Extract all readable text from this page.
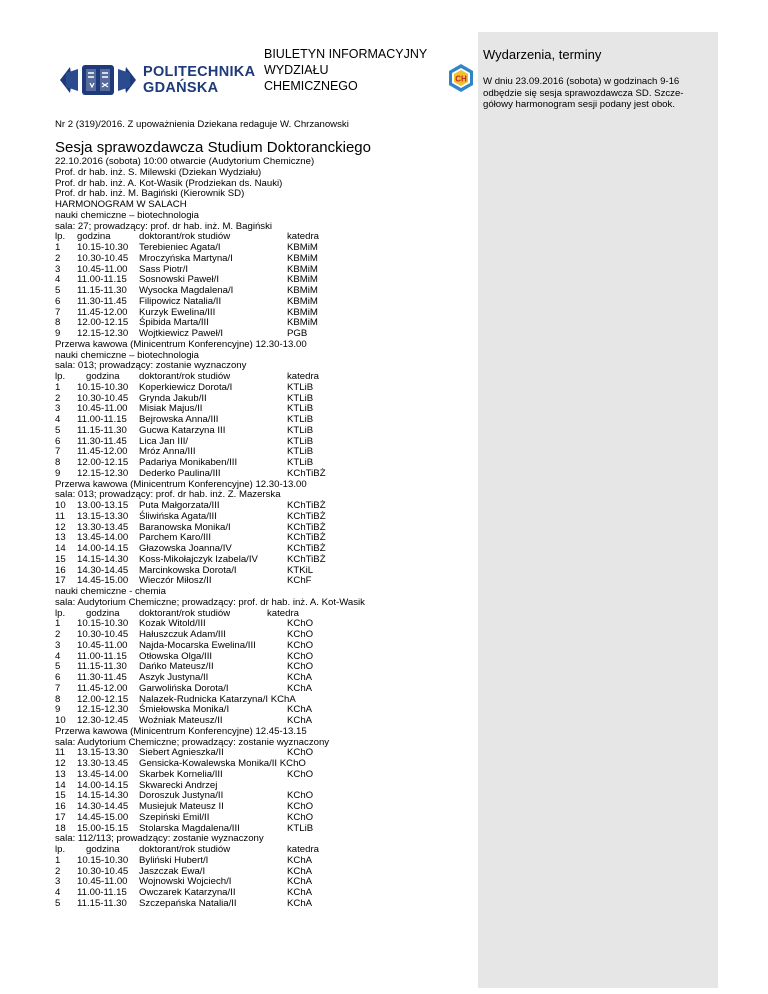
POLITECHNIKA
GDAŃSKA
BIULETYN INFORMACYJNY
WYDZIAŁU
CHEMICZNEGO	CH
Wydarzenia, terminy
W dniu 23.09.2016 (sobota) w godzinach 9-16
odbędzie się sesja sprawozdawcza SD. Szcze-
gółowy harmonogram sesji podany jest obok.
Nr 2 (319)/2016. Z upoważnienia Dziekana redaguje W. Chrzanowski
Sesja sprawozdawcza Studium Doktoranckiego
22.10.2016 (sobota) 10:00 otwarcie (Audytorium Chemiczne)
Prof. dr hab. inż. S. Milewski (Dziekan Wydziału)
Prof. dr hab. inż. A. Kot-Wasik (Prodziekan ds. Nauki)
Prof. dr hab. inż. M. Bagiński (Kierownik SD)
HARMONOGRAM W SALACH
nauki chemiczne – biotechnologia
sala: 27; prowadzący: prof. dr hab. inż. M. Bagiński
lp. godzina	doktorant/rok studiów	katedra
1 10.15-10.30 Terebieniec Agata/I	KBMiM
2 10.30-10.45 Mroczyńska Martyna/I	KBMiM
3 10.45-11.00 Sass Piotr/I	KBMiM
4 11.00-11.15 Sosnowski Paweł/I	KBMiM
5 11.15-11.30 Wysocka Magdalena/I	KBMiM
6 11.30-11.45 Filipowicz Natalia/II	KBMiM
7 11.45-12.00 Kurzyk Ewelina/III	KBMiM
8 12.00-12.15 Śpibida Marta/III	KBMiM
9 12.15-12.30 Wojtkiewicz Paweł/I	PGB
Przerwa kawowa (Minicentrum Konferencyjne) 12.30-13.00
nauki chemiczne – biotechnologia
sala: 013; prowadzący: zostanie wyznaczony
lp. godzina doktorant/rok studiów	katedra
1 10.15-10.30 Koperkiewicz Dorota/I	KTLiB
2 10.30-10.45 Grynda Jakub/II	KTLiB
3 10.45-11.00 Misiak Majus/II	KTLiB
4 11.00-11.15 Bejrowska Anna/III	KTLiB
5 11.15-11.30 Gucwa Katarzyna III	KTLiB
6 11.30-11.45 Lica Jan III/	KTLiB
7 11.45-12.00 Mróz Anna/III	KTLiB
8 12.00-12.15 Padariya Monikaben/III	KTLiB
9 12.15-12.30 Dederko Paulina/III	KChTiBŻ
Przerwa kawowa (Minicentrum Konferencyjne) 12.30-13.00
sala: 013; prowadzący: prof. dr hab. inż. Z. Mazerska
10 13.00-13.15 Puta Małgorzata/III	KChTiBŻ
11 13.15-13.30 Śliwińska Agata/III	KChTiBŻ
12 13.30-13.45 Baranowska Monika/I	KChTiBŻ
13 13.45-14.00 Parchem Karo/III	KChTiBŻ
14 14.00-14.15 Głazowska Joanna/IV	KChTiBŻ
15 14.15-14.30 Koss-Mikołajczyk Izabela/IV	KChTiBŻ
16 14.30-14.45 Marcinkowska Dorota/I	KTKiL
17 14.45-15.00 Wieczór Miłosz/II	KChF
nauki chemiczne - chemia
sala: Audytorium Chemiczne; prowadzący: prof. dr hab. inż. A. Kot-Wasik
lp. godzina doktorant/rok studiów	katedra
1 10.15-10.30 Kozak Witold/III	KChO
2 10.30-10.45 Hałuszczuk Adam/III	KChO
3 10.45-11.00 Najda-Mocarska Ewelina/III	KChO
4 11.00-11.15 Otłowska Olga/III	KChO
5 11.15-11.30 Dańko Mateusz/II	KChO
6 11.30-11.45 Aszyk Justyna/II	KChA
7 11.45-12.00 Garwolińska Dorota/I	KChA
8 12.00-12.15 Nalazek-Rudnicka Katarzyna/I KChA
9 12.15-12.30 Śmiełowska Monika/I	KChA
10 12.30-12.45 Woźniak Mateusz/II	KChA
Przerwa kawowa (Minicentrum Konferencyjne) 12.45-13.15
sala: Audytorium Chemiczne; prowadzący: zostanie wyznaczony
11 13.15-13.30 Siebert Agnieszka/II	KChO
12 13.30-13.45 Gensicka-Kowalewska Monika/II KChO
13 13.45-14.00 Skarbek Kornelia/III	KChO
14 14.00-14.15 Skwarecki Andrzej
15 14.15-14.30 Doroszuk Justyna/II	KChO
16 14.30-14.45 Musiejuk Mateusz II	KChO
17 14.45-15.00 Szepiński Emil/II	KChO
18 15.00-15.15 Stolarska Magdalena/III	KTLiB
sala: 112/113; prowadzący: zostanie wyznaczony
lp. godzina doktorant/rok studiów	katedra
1 10.15-10.30 Byliński Hubert/I	KChA
2 10.30-10.45 Jaszczak Ewa/I	KChA
3 10.45-11.00 Wojnowski Wojciech/I	KChA
4 11.00-11.15 Owczarek Katarzyna/II	KChA
5 11.15-11.30 Szczepańska Natalia/II	KChA
